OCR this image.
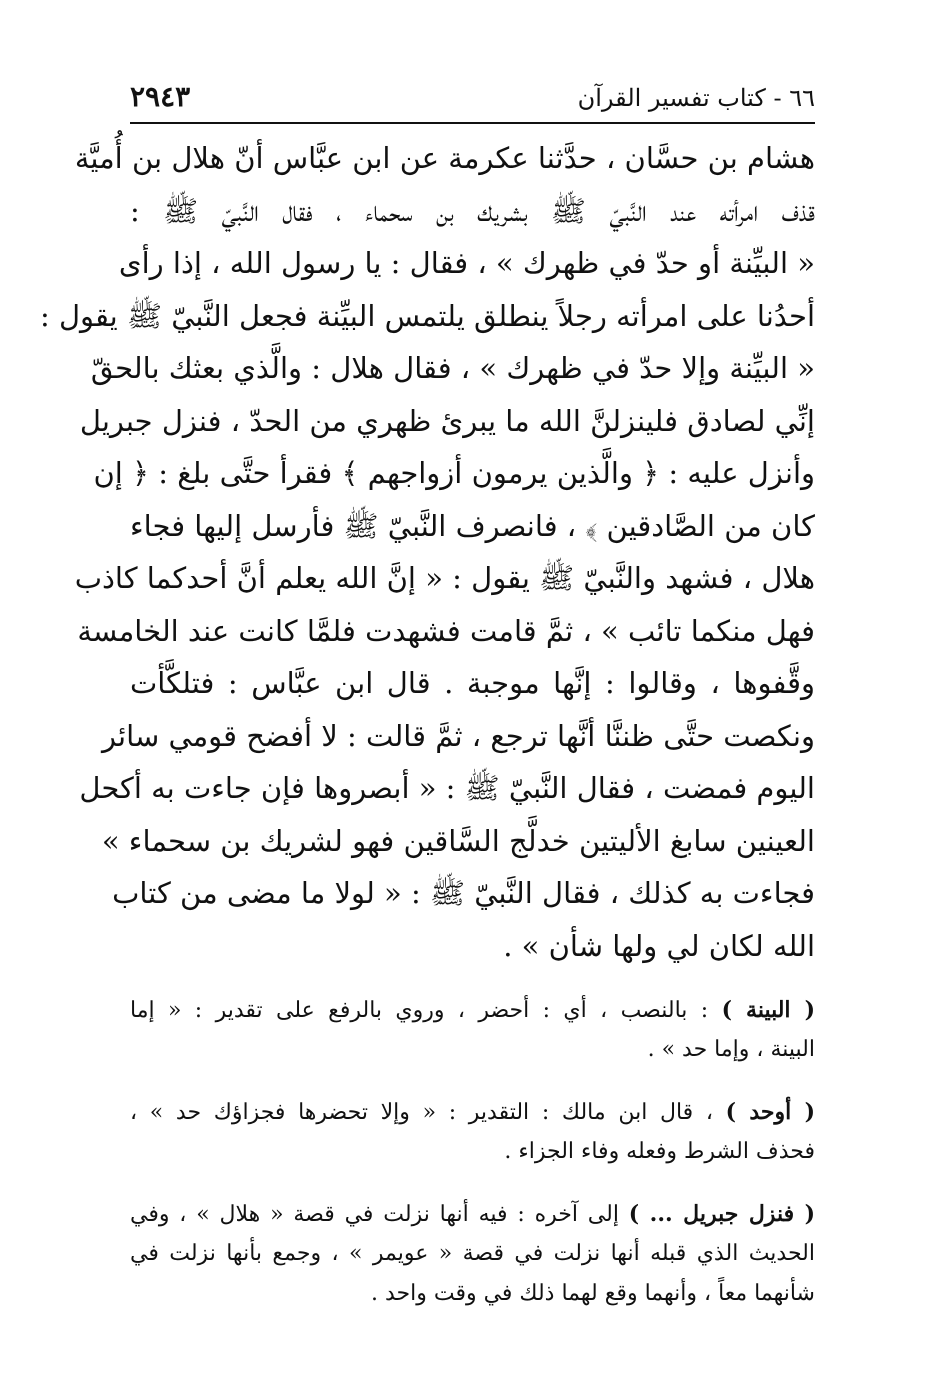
٦٦ - كتاب تفسير القرآن
٢٩٤٣
هشام بن حسَّان ، حدَّثنا عكرمة عن ابن عبَّاس أنّ هلال بن أُميَّة
قذف امرأته عند النَّبيّ ﷺ بشريك بن سحماء ، فقال النَّبيّ ﷺ :
« البيِّنة أو حدّ في ظهرك » ، فقال : يا رسول الله ، إذا رأى
أحدُنا على امرأته رجلاً ينطلق يلتمس البيِّنة فجعل النَّبيّ ﷺ يقول :
« البيِّنة وإلا حدّ في ظهرك » ، فقال هلال : والَّذي بعثك بالحقّ
إنِّي لصادق فلينزلنَّ الله ما يبرئ ظهري من الحدّ ، فنزل جبريل
وأنزل عليه : ﴿ والَّذين يرمون أزواجهم ﴾ فقرأ حتَّى بلغ : ﴿ إن
كان من الصَّادقين ﴾ ، فانصرف النَّبيّ ﷺ فأرسل إليها فجاء
هلال ، فشهد والنَّبيّ ﷺ يقول : « إنَّ الله يعلم أنَّ أحدكما كاذب
فهل منكما تائب » ، ثمَّ قامت فشهدت فلمَّا كانت عند الخامسة
وقَّفوها ، وقالوا : إنَّها موجبة . قال ابن عبَّاس : فتلكَّأت
ونكصت حتَّى ظننَّا أنَّها ترجع ، ثمَّ قالت : لا أفضح قومي سائر
اليوم فمضت ، فقال النَّبيّ ﷺ : « أبصروها فإن جاءت به أكحل
العينين سابغ الأليتين خدلَّج السَّاقين فهو لشريك بن سحماء »
فجاءت به كذلك ، فقال النَّبيّ ﷺ : « لولا ما مضى من كتاب
الله لكان لي ولها شأن » .
( البينة ) : بالنصب ، أي : أحضر ، وروي بالرفع على تقدير : « إما
البينة ، وإما حد » .
( أوحد ) ، قال ابن مالك : التقدير : « وإلا تحضرها فجزاؤك حد » ،
فحذف الشرط وفعله وفاء الجزاء .
( فنزل جبريل ... ) إلى آخره : فيه أنها نزلت في قصة « هلال » ، وفي
الحديث الذي قبله أنها نزلت في قصة « عويمر » ، وجمع بأنها نزلت في
شأنهما معاً ، وأنهما وقع لهما ذلك في وقت واحد .
